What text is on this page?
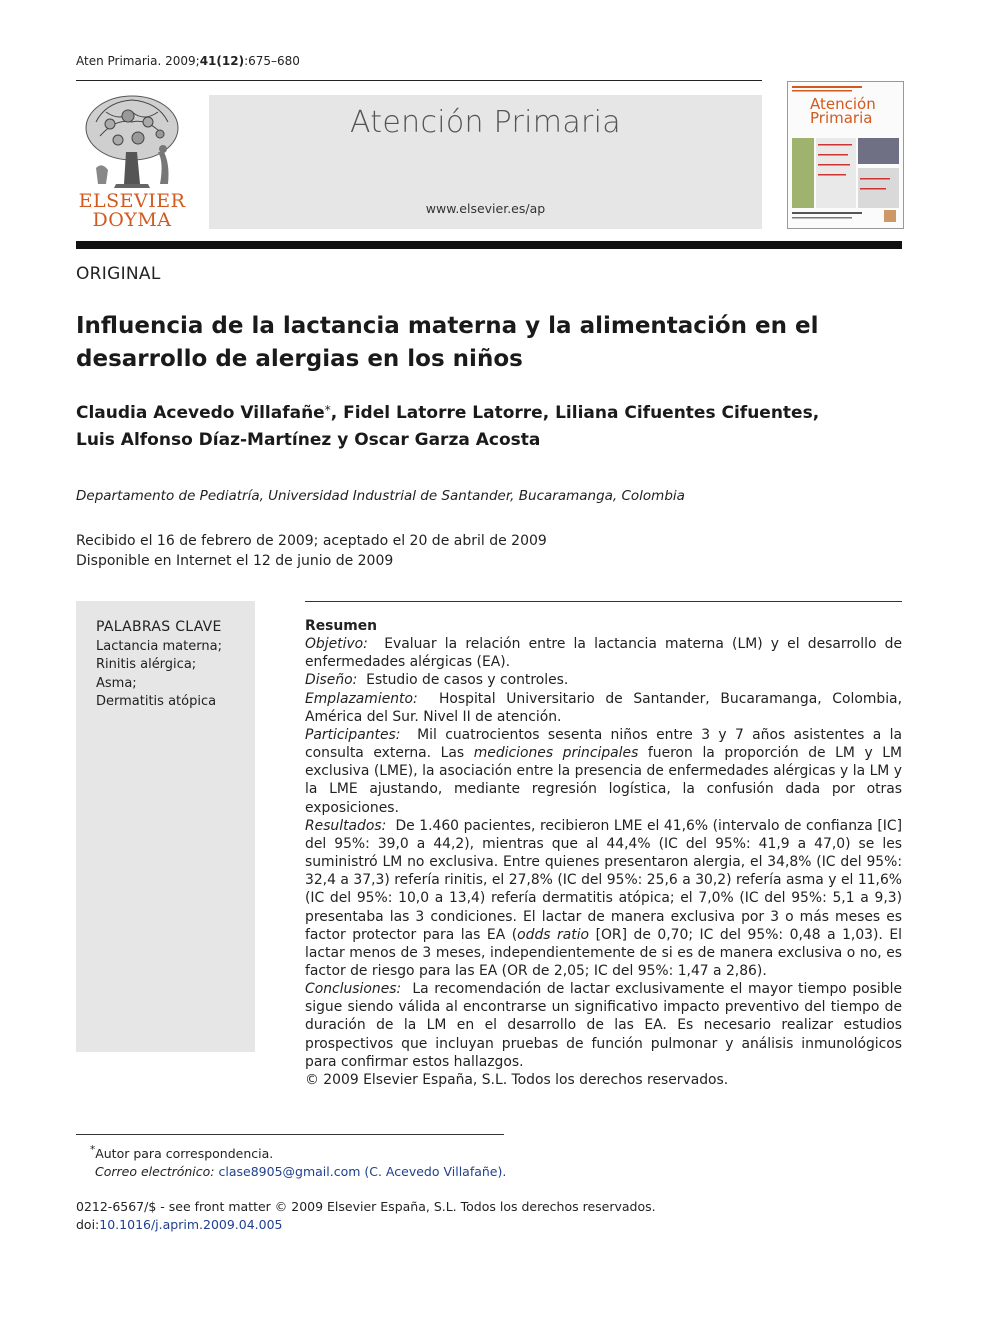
Aten Primaria. 2009;41(12):675–680
ELSEVIER
DOYMA
Atención Primaria
www.elsevier.es/ap
Atención
Primaria
ORIGINAL
Influencia de la lactancia materna y la alimentación en el desarrollo de alergias en los niños
Claudia Acevedo Villafañe*, Fidel Latorre Latorre, Liliana Cifuentes Cifuentes,
Luis Alfonso Díaz-Martínez y Oscar Garza Acosta
Departamento de Pediatría, Universidad Industrial de Santander, Bucaramanga, Colombia
Recibido el 16 de febrero de 2009; aceptado el 20 de abril de 2009
Disponible en Internet el 12 de junio de 2009
PALABRAS CLAVE
Lactancia materna;
Rinitis alérgica;
Asma;
Dermatitis atópica

Resumen

Objetivo: Evaluar la relación entre la lactancia materna (LM) y el desarrollo de enfermedades alérgicas (EA).

Diseño: Estudio de casos y controles.

Emplazamiento: Hospital Universitario de Santander, Bucaramanga, Colombia, América del Sur. Nivel II de atención.

Participantes: Mil cuatrocientos sesenta niños entre 3 y 7 años asistentes a la consulta externa. Las mediciones principales fueron la proporción de LM y LM exclusiva (LME), la asociación entre la presencia de enfermedades alérgicas y la LM y la LME ajustando, mediante regresión logística, la confusión dada por otras exposiciones.

Resultados: De 1.460 pacientes, recibieron LME el 41,6% (intervalo de confianza [IC] del 95%: 39,0 a 44,2), mientras que al 44,4% (IC del 95%: 41,9 a 47,0) se les suministró LM no exclusiva. Entre quienes presentaron alergia, el 34,8% (IC del 95%: 32,4 a 37,3) refería rinitis, el 27,8% (IC del 95%: 25,6 a 30,2) refería asma y el 11,6% (IC del 95%: 10,0 a 13,4) refería dermatitis atópica; el 7,0% (IC del 95%: 5,1 a 9,3) presentaba las 3 condiciones. El lactar de manera exclusiva por 3 o más meses es factor protector para las EA (odds ratio [OR] de 0,70; IC del 95%: 0,48 a 1,03). El lactar menos de 3 meses, independientemente de si es de manera exclusiva o no, es factor de riesgo para las EA (OR de 2,05; IC del 95%: 1,47 a 2,86).

Conclusiones: La recomendación de lactar exclusivamente el mayor tiempo posible sigue siendo válida al encontrarse un significativo impacto preventivo del tiempo de duración de la LM en el desarrollo de las EA. Es necesario realizar estudios prospectivos que incluyan pruebas de función pulmonar y análisis inmunológicos para confirmar estos hallazgos.

© 2009 Elsevier España, S.L. Todos los derechos reservados.

*Autor para correspondencia.
Correo electrónico: clase8905@gmail.com (C. Acevedo Villafañe).
0212-6567/$ - see front matter © 2009 Elsevier España, S.L. Todos los derechos reservados.
doi:10.1016/j.aprim.2009.04.005
